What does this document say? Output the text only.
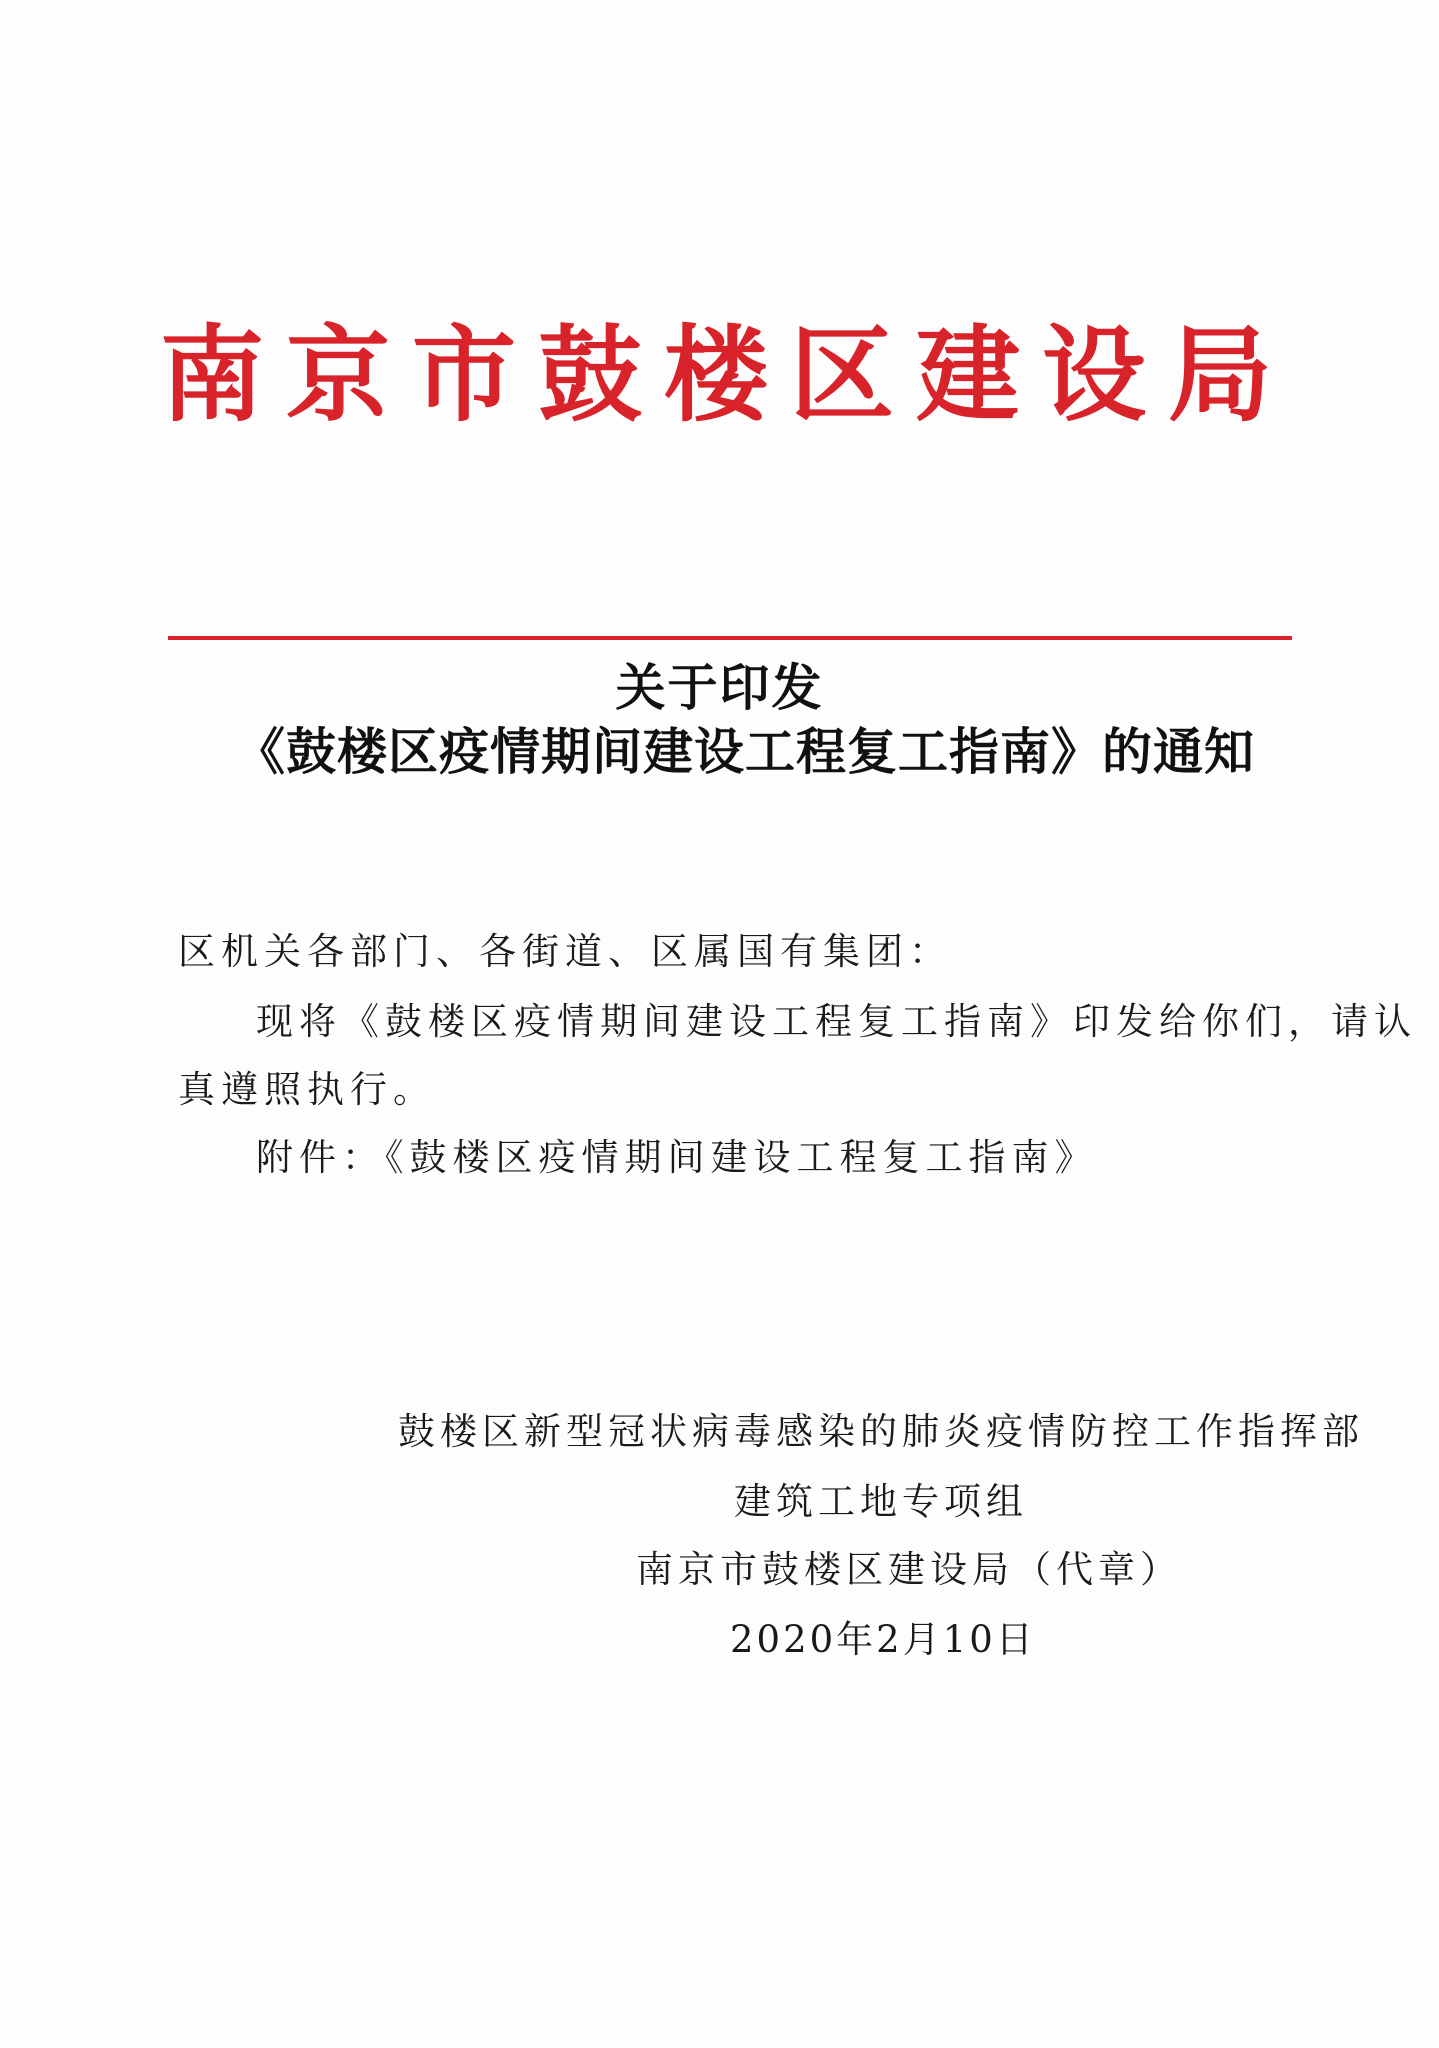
南京市鼓楼区建设局
关于印发
《鼓楼区疫情期间建设工程复工指南》的通知
区机关各部门、各街道、区属国有集团：
现将《鼓楼区疫情期间建设工程复工指南》印发给你们，请认
真遵照执行。
附件：《鼓楼区疫情期间建设工程复工指南》
鼓楼区新型冠状病毒感染的肺炎疫情防控工作指挥部
建筑工地专项组
南京市鼓楼区建设局（代章）
2020年2月10日
